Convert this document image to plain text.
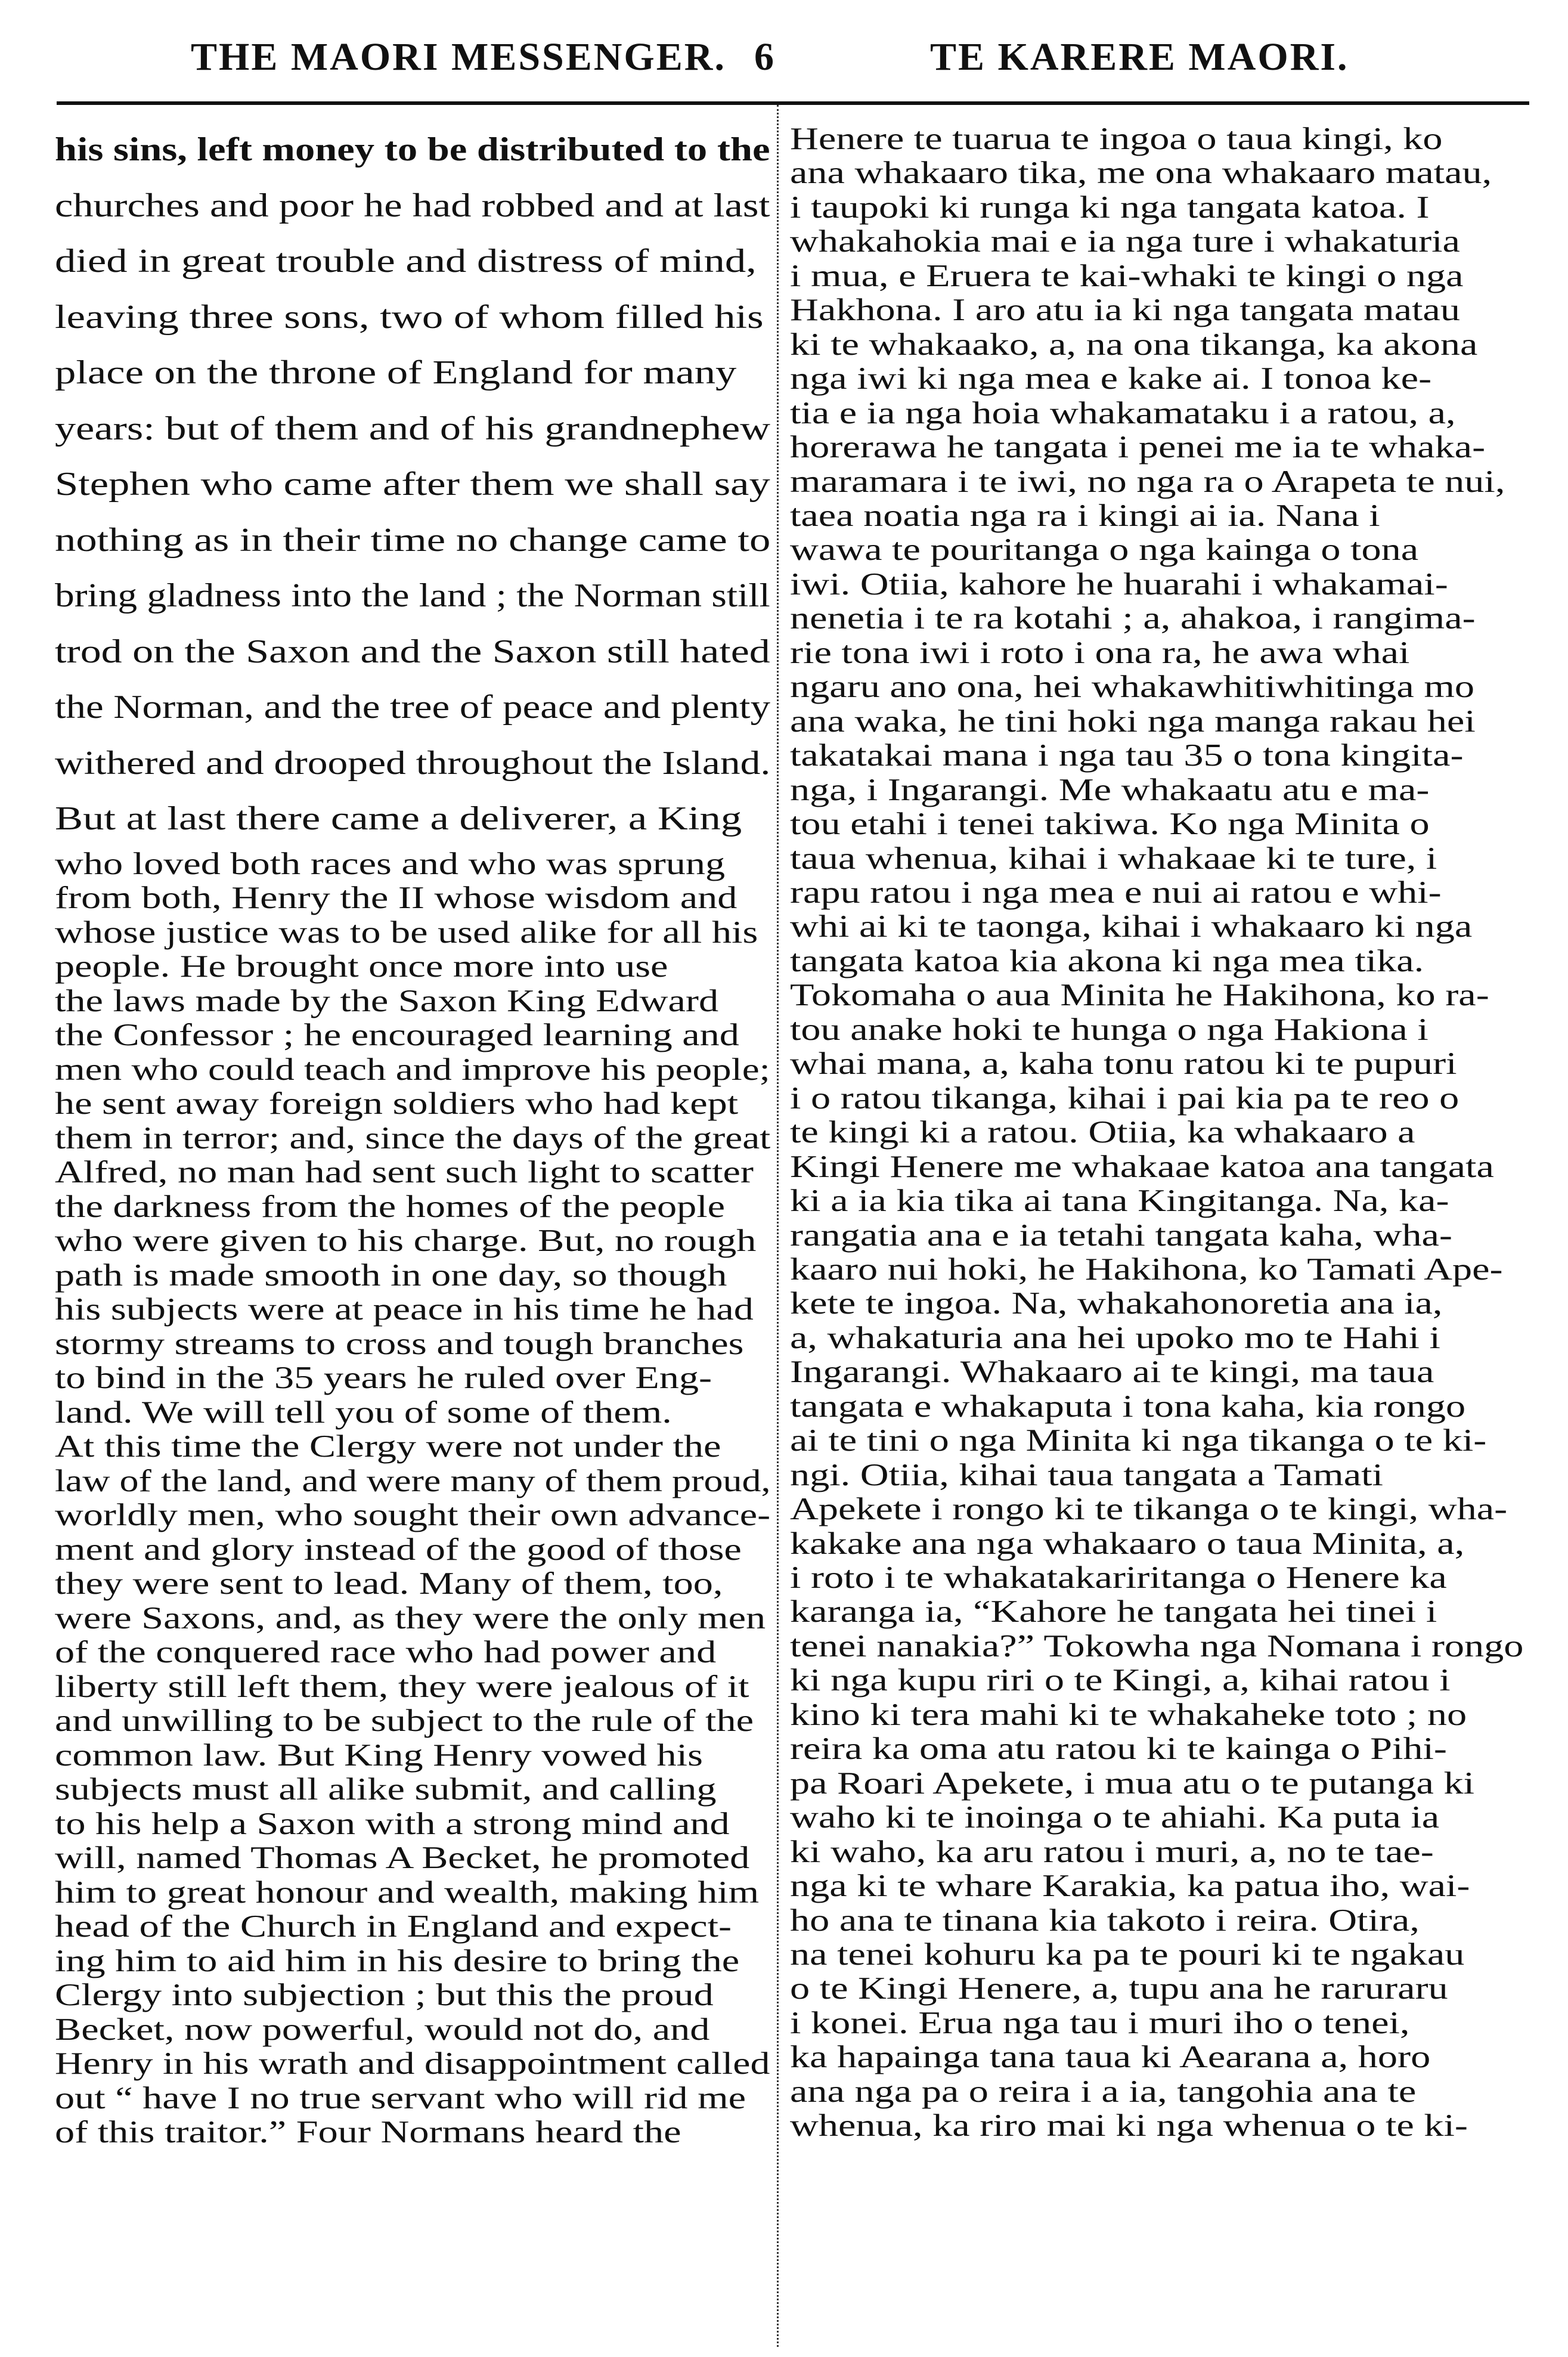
THE MAORI MESSENGER. 6	TE KARERE MAORI.

his sins, left money to be distributed to the

churches and poor he had robbed and at last

died in great trouble and distress of mind,

leaving three sons, two of whom filled his

place on the throne of England for many

years: but of them and of his grandnephew

Stephen who came after them we shall say

nothing as in their time no change came to

bring gladness into the land ; the Norman still

trod on the Saxon and the Saxon still hated

the Norman, and the tree of peace and plenty

withered and drooped throughout the Island.

But at last there came a deliverer, a King

who loved both races and who was sprung

from both, Henry the II whose wisdom and

whose justice was to be used alike for all his

people. He brought once more into use

the laws made by the Saxon King Edward

the Confessor ; he encouraged learning and

men who could teach and improve his people;

he sent away foreign soldiers who had kept

them in terror; and, since the days of the great

Alfred, no man had sent such light to scatter

the darkness from the homes of the people

who were given to his charge. But, no rough

path is made smooth in one day, so though

his subjects were at peace in his time he had

stormy streams to cross and tough branches

to bind in the 35 years he ruled over Eng-

land. We will tell you of some of them.

At this time the Clergy were not under the

law of the land, and were many of them proud,

worldly men, who sought their own advance-

ment and glory instead of the good of those

they were sent to lead. Many of them, too,

were Saxons, and, as they were the only men

of the conquered race who had power and

liberty still left them, they were jealous of it

and unwilling to be subject to the rule of the

common law. But King Henry vowed his

subjects must all alike submit, and calling

to his help a Saxon with a strong mind and

will, named Thomas A Becket, he promoted

him to great honour and wealth, making him

head of the Church in England and expect-

ing him to aid him in his desire to bring the

Clergy into subjection ; but this the proud

Becket, now powerful, would not do, and

Henry in his wrath and disappointment called

out “ have I no true servant who will rid me

of this traitor.” Four Normans heard the

Henere te tuarua te ingoa o taua kingi, ko

ana whakaaro tika, me ona whakaaro matau,

i taupoki ki runga ki nga tangata katoa. I

whakahokia mai e ia nga ture i whakaturia

i mua, e Eruera te kai-whaki te kingi o nga

Hakhona. I aro atu ia ki nga tangata matau

ki te whakaako, a, na ona tikanga, ka akona

nga iwi ki nga mea e kake ai. I tonoa ke-

tia e ia nga hoia whakamataku i a ratou, a,

horerawa he tangata i penei me ia te whaka-

maramara i te iwi, no nga ra o Arapeta te nui,

taea noatia nga ra i kingi ai ia. Nana i

wawa te pouritanga o nga kainga o tona

iwi. Otiia, kahore he huarahi i whakamai-

nenetia i te ra kotahi ; a, ahakoa, i rangima-

rie tona iwi i roto i ona ra, he awa whai

ngaru ano ona, hei whakawhitiwhitinga mo

ana waka, he tini hoki nga manga rakau hei

takatakai mana i nga tau 35 o tona kingita-

nga, i Ingarangi. Me whakaatu atu e ma-

tou etahi i tenei takiwa. Ko nga Minita o

taua whenua, kihai i whakaae ki te ture, i

rapu ratou i nga mea e nui ai ratou e whi-

whi ai ki te taonga, kihai i whakaaro ki nga

tangata katoa kia akona ki nga mea tika.

Tokomaha o aua Minita he Hakihona, ko ra-

tou anake hoki te hunga o nga Hakiona i

whai mana, a, kaha tonu ratou ki te pupuri

i o ratou tikanga, kihai i pai kia pa te reo o

te kingi ki a ratou. Otiia, ka whakaaro a

Kingi Henere me whakaae katoa ana tangata

ki a ia kia tika ai tana Kingitanga. Na, ka-

rangatia ana e ia tetahi tangata kaha, wha-

kaaro nui hoki, he Hakihona, ko Tamati Ape-

kete te ingoa. Na, whakahonoretia ana ia,

a, whakaturia ana hei upoko mo te Hahi i

Ingarangi. Whakaaro ai te kingi, ma taua

tangata e whakaputa i tona kaha, kia rongo

ai te tini o nga Minita ki nga tikanga o te ki-

ngi. Otiia, kihai taua tangata a Tamati

Apekete i rongo ki te tikanga o te kingi, wha-

kakake ana nga whakaaro o taua Minita, a,

i roto i te whakatakariritanga o Henere ka

karanga ia, “Kahore he tangata hei tinei i

tenei nanakia?” Tokowha nga Nomana i rongo

ki nga kupu riri o te Kingi, a, kihai ratou i

kino ki tera mahi ki te whakaheke toto ; no

reira ka oma atu ratou ki te kainga o Pihi-

pa Roari Apekete, i mua atu o te putanga ki

waho ki te inoinga o te ahiahi. Ka puta ia

ki waho, ka aru ratou i muri, a, no te tae-

nga ki te whare Karakia, ka patua iho, wai-

ho ana te tinana kia takoto i reira. Otira,

na tenei kohuru ka pa te pouri ki te ngakau

o te Kingi Henere, a, tupu ana he raruraru

i konei. Erua nga tau i muri iho o tenei,

ka hapainga tana taua ki Aearana a, horo

ana nga pa o reira i a ia, tangohia ana te

whenua, ka riro mai ki nga whenua o te ki-
